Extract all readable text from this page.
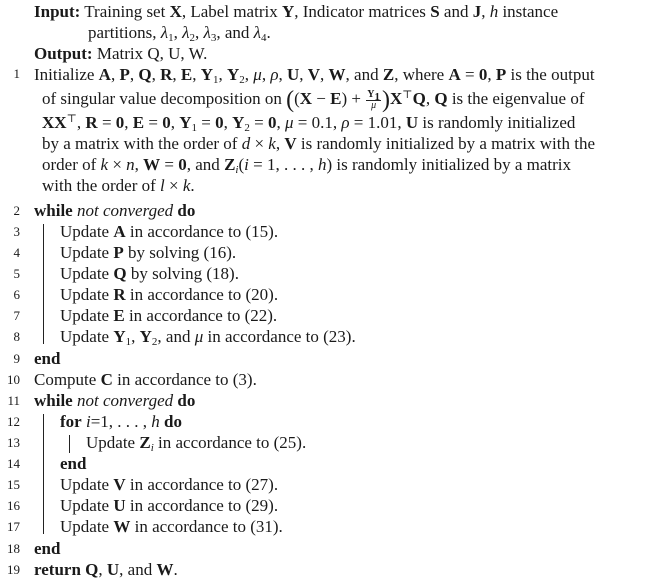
Input: Training set X, Label matrix Y, Indicator matrices S and J, h instance
partitions, $\lambda_1$, $\lambda_2$, $\lambda_3$, and $\lambda_4$.
Output: Matrix Q, U, W.
1 Initialize A, P, Q, R, E, $Y_1$, $Y_2$, μ, ρ, U, V, W, and Z, where A = 0, P is the output
of singular value decomposition on $((X - E) + \frac{Y_1}{\mu} )X^⊤Q$, Q is the eigenvalue of
XX⊤, R = 0, E = 0, $Y_1 = 0$, $Y_2 = 0$, μ = 0.1, ρ = 1.01, U is randomly initialized
by a matrix with the order of d × k, V is randomly initialized by a matrix with the
order of k × n, W = 0, and $Z_i(i = 1$, . . . , h) is randomly initialized by a matrix
with the order of l × k.
2 while not converged do
3 Update A in accordance to (15).
4 Update P by solving (16).
5 Update Q by solving (18).
6 Update R in accordance to (20).
7 Update E in accordance to (22).
8 Update $Y_1$, $Y_2$, and μ in accordance to (23).
9 end
10 Compute C in accordance to (3).
11 while not converged do
12 for i=1, . . . , h do
13	Update $Z_i$ in accordance to (25).
14 end
15 Update V in accordance to (27).
16 Update U in accordance to (29).
17 Update W in accordance to (31).
18 end
19 return Q, U, and W.
